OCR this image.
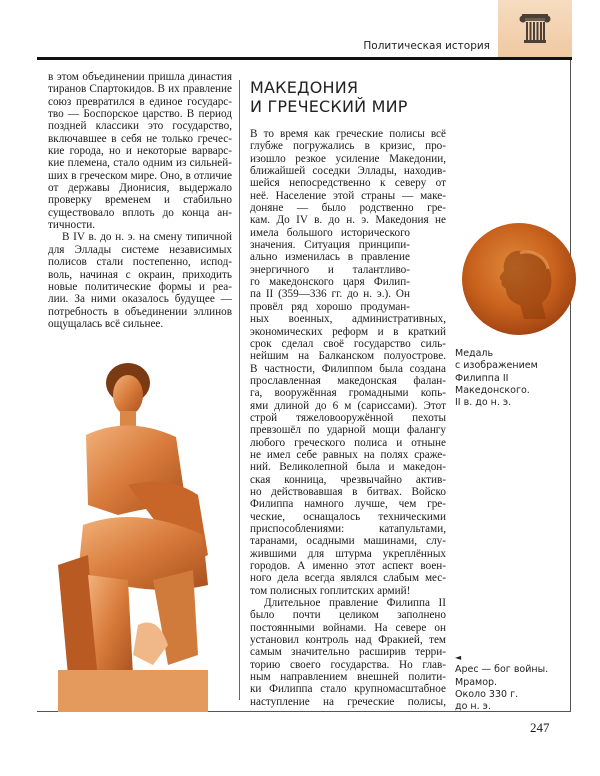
Политическая история
в этом объединении пришла династия
тиранов Спартокидов. В их правление
союз превратился в единое государс-
тво — Боспорское царство. В период
поздней классики это государство,
включавшее в себя не только гречес-
кие города, но и некоторые варварс-
кие племена, стало одним из сильней-
ших в греческом мире. Оно, в отличие
от державы Дионисия, выдержало
проверку временем и стабильно
существовало вплоть до конца ан-
тичности.
В IV в. до н. э. на смену типичной
для Эллады системе независимых
полисов стали постепенно, испод-
воль, начиная с окраин, приходить
новые политические формы и реа-
лии. За ними оказалось будущее —
потребность в объединении эллинов
ощущалась всё сильнее.
МАКЕДОНИЯ
И ГРЕЧЕСКИЙ МИР
В то время как греческие полисы всё
глубже погружались в кризис, про-
изошло резкое усиление Македонии,
ближайшей соседки Эллады, находив-
шейся непосредственно к северу от
неё. Население этой страны — маке-
доняне — было родственно гре-
кам. До IV в. до н. э. Македония не
имела большого исторического
значения. Ситуация принципи-
ально изменилась в правление
энергичного и талантливо-
го македонского царя Филип-
па II (359—336 гг. до н. э.). Он
провёл ряд хорошо продуман-
ных военных, административных,
экономических реформ и в краткий
срок сделал своё государство силь-
нейшим на Балканском полуострове.
В частности, Филиппом была создана
прославленная македонская фалан-
га, вооружённая громадными копь-
ями длиной до 6 м (сариссами). Этот
строй тяжеловооружённой пехоты
превзошёл по ударной мощи фалангу
любого греческого полиса и отныне
не имел себе равных на полях сраже-
ний. Великолепной была и македон-
ская конница, чрезвычайно актив-
но действовавшая в битвах. Войско
Филиппа намного лучше, чем гре-
ческие, оснащалось техническими
приспособлениями: катапультами,
таранами, осадными машинами, слу-
жившими для штурма укреплённых
городов. А именно этот аспект воен-
ного дела всегда являлся слабым мес-
том полисных гоплитских армий!
Длительное правление Филиппа II
было почти целиком заполнено
постоянными войнами. На севере он
установил контроль над Фракией, тем
самым значительно расширив терри-
торию своего государства. Но глав-
ным направлением внешней полити-
ки Филиппа стало крупномасштабное
наступление на греческие полисы,
Медаль
с изображением
Филиппа II
Македонского.
II в. до н. э.
◄
Арес — бог войны.
Мрамор.
Около 330 г.
до н. э.
247
